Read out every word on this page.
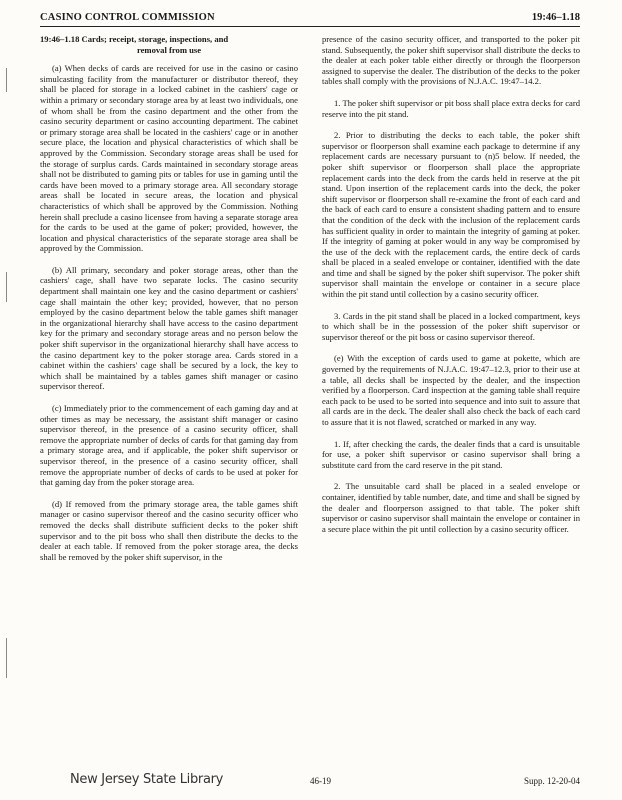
CASINO CONTROL COMMISSION	19:46–1.18
19:46–1.18 Cards; receipt, storage, inspections, and
removal from use

(a) When decks of cards are received for use in the casino or casino simulcasting facility from the manufacturer or distributor thereof, they shall be placed for storage in a locked cabinet in the cashiers' cage or within a primary or secondary storage area by at least two individuals, one of whom shall be from the casino department and the other from the casino security department or casino accounting department. The cabinet or primary storage area shall be located in the cashiers' cage or in another secure place, the location and physical characteristics of which shall be approved by the Commission. Secondary storage areas shall be used for the storage of surplus cards. Cards maintained in secondary storage areas shall not be distributed to gaming pits or tables for use in gaming until the cards have been moved to a primary storage area. All secondary storage areas shall be located in secure areas, the location and physical characteristics of which shall be approved by the Commission. Nothing herein shall preclude a casino licensee from having a separate storage area for the cards to be used at the game of poker; provided, however, the location and physical characteristics of the separate storage area shall be approved by the Commission.

(b) All primary, secondary and poker storage areas, other than the cashiers' cage, shall have two separate locks. The casino security department shall maintain one key and the casino department or cashiers' cage shall maintain the other key; provided, however, that no person employed by the casino department below the table games shift manager in the organizational hierarchy shall have access to the casino department key for the primary and secondary storage areas and no person below the poker shift supervisor in the organizational hierarchy shall have access to the casino department key to the poker storage area. Cards stored in a cabinet within the cashiers' cage shall be secured by a lock, the key to which shall be maintained by a tables games shift manager or casino supervisor thereof.

(c) Immediately prior to the commencement of each gaming day and at other times as may be necessary, the assistant shift manager or casino supervisor thereof, in the presence of a casino security officer, shall remove the appropriate number of decks of cards for that gaming day from a primary storage area, and if applicable, the poker shift supervisor or supervisor thereof, in the presence of a casino security officer, shall remove the appropriate number of decks of cards to be used at poker for that gaming day from the poker storage area.

(d) If removed from the primary storage area, the table games shift manager or casino supervisor thereof and the casino security officer who removed the decks shall distribute sufficient decks to the poker shift supervisor and to the pit boss who shall then distribute the decks to the dealer at each table. If removed from the poker storage area, the decks shall be removed by the poker shift supervisor, in the

presence of the casino security officer, and transported to the poker pit stand. Subsequently, the poker shift supervisor shall distribute the decks to the dealer at each poker table either directly or through the floorperson assigned to supervise the dealer. The distribution of the decks to the poker tables shall comply with the provisions of N.J.A.C. 19:47–14.2.

1. The poker shift supervisor or pit boss shall place extra decks for card reserve into the pit stand.

2. Prior to distributing the decks to each table, the poker shift supervisor or floorperson shall examine each package to determine if any replacement cards are necessary pursuant to (n)5 below. If needed, the poker shift supervisor or floorperson shall place the appropriate replacement cards into the deck from the cards held in reserve at the pit stand. Upon insertion of the replacement cards into the deck, the poker shift supervisor or floorperson shall re-examine the front of each card and the back of each card to ensure a consistent shading pattern and to ensure that the condition of the deck with the inclusion of the replacement cards has sufficient quality in order to maintain the integrity of gaming at poker. If the integrity of gaming at poker would in any way be compromised by the use of the deck with the replacement cards, the entire deck of cards shall be placed in a sealed envelope or container, identified with the date and time and shall be signed by the poker shift supervisor. The poker shift supervisor shall maintain the envelope or container in a secure place within the pit stand until collection by a casino security officer.

3. Cards in the pit stand shall be placed in a locked compartment, keys to which shall be in the possession of the poker shift supervisor or supervisor thereof or the pit boss or casino supervisor thereof.

(e) With the exception of cards used to game at pokette, which are governed by the requirements of N.J.A.C. 19:47–12.3, prior to their use at a table, all decks shall be inspected by the dealer, and the inspection verified by a floorperson. Card inspection at the gaming table shall require each pack to be used to be sorted into sequence and into suit to assure that all cards are in the deck. The dealer shall also check the back of each card to assure that it is not flawed, scratched or marked in any way.

1. If, after checking the cards, the dealer finds that a card is unsuitable for use, a poker shift supervisor or casino supervisor shall bring a substitute card from the card reserve in the pit stand.

2. The unsuitable card shall be placed in a sealed envelope or container, identified by table number, date, and time and shall be signed by the dealer and floorperson assigned to that table. The poker shift supervisor or casino supervisor shall maintain the envelope or container in a secure place within the pit until collection by a casino security officer.

New Jersey State Library	46-19	Supp. 12-20-04
